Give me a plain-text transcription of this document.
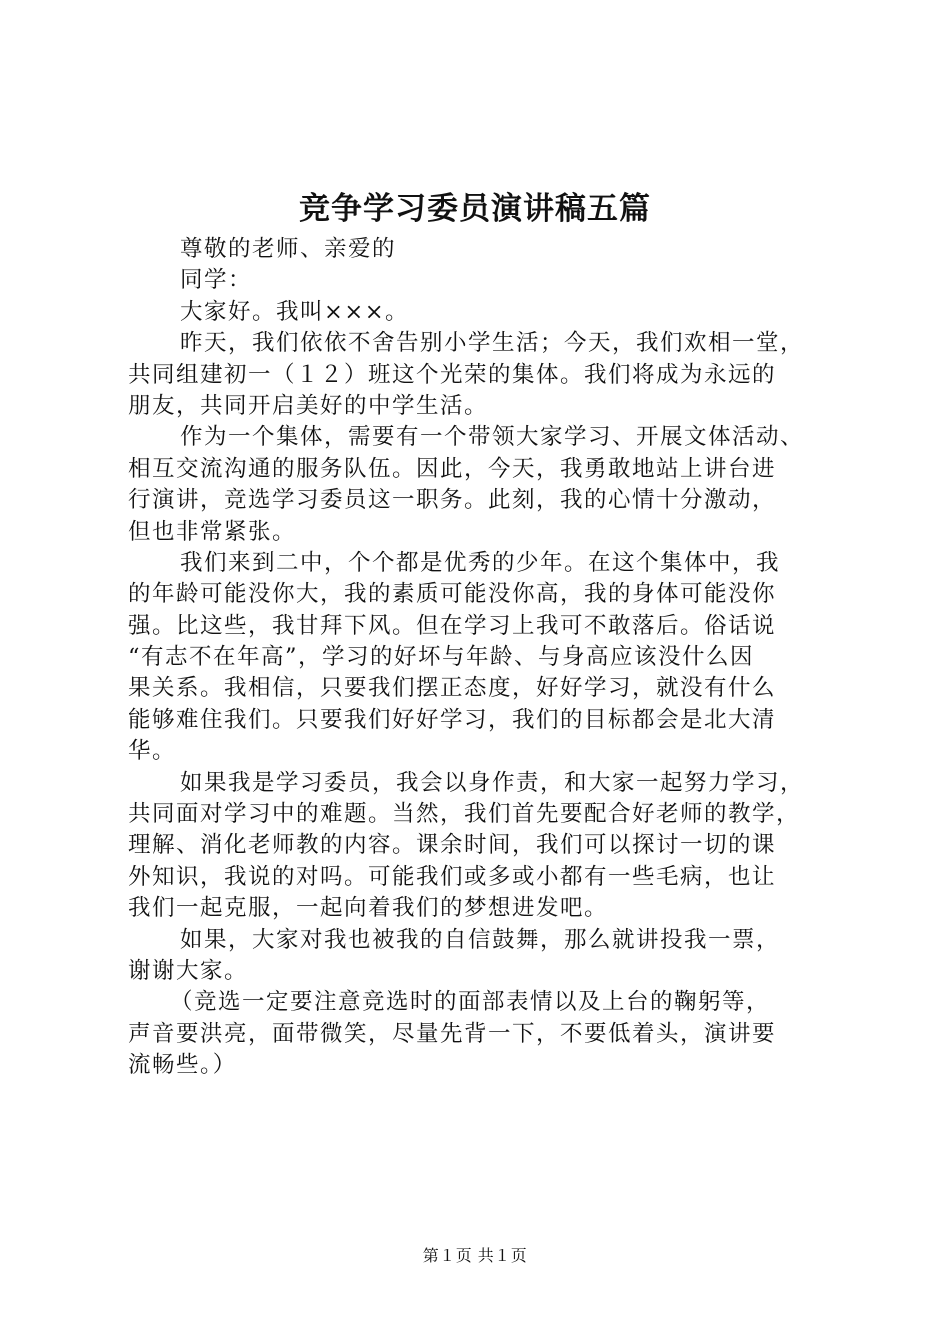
竞争学习委员演讲稿五篇
尊敬的老师、亲爱的
同学：
大家好。我叫×××。
昨天，我们依依不舍告别小学生活；今天，我们欢相一堂，
共同组建初一（１２）班这个光荣的集体。我们将成为永远的
朋友，共同开启美好的中学生活。
作为一个集体，需要有一个带领大家学习、开展文体活动、
相互交流沟通的服务队伍。因此，今天，我勇敢地站上讲台进
行演讲，竞选学习委员这一职务。此刻，我的心情十分激动，
但也非常紧张。
我们来到二中，个个都是优秀的少年。在这个集体中，我
的年龄可能没你大，我的素质可能没你高，我的身体可能没你
强。比这些，我甘拜下风。但在学习上我可不敢落后。俗话说
“有志不在年高”，学习的好坏与年龄、与身高应该没什么因
果关系。我相信，只要我们摆正态度，好好学习，就没有什么
能够难住我们。只要我们好好学习，我们的目标都会是北大清
华。
如果我是学习委员，我会以身作责，和大家一起努力学习，
共同面对学习中的难题。当然，我们首先要配合好老师的教学，
理解、消化老师教的内容。课余时间，我们可以探讨一切的课
外知识，我说的对吗。可能我们或多或小都有一些毛病，也让
我们一起克服，一起向着我们的梦想进发吧。
如果，大家对我也被我的自信鼓舞，那么就讲投我一票，
谢谢大家。
（竞选一定要注意竞选时的面部表情以及上台的鞠躬等，
声音要洪亮，面带微笑，尽量先背一下，不要低着头，演讲要
流畅些。）
第１页 共１页
